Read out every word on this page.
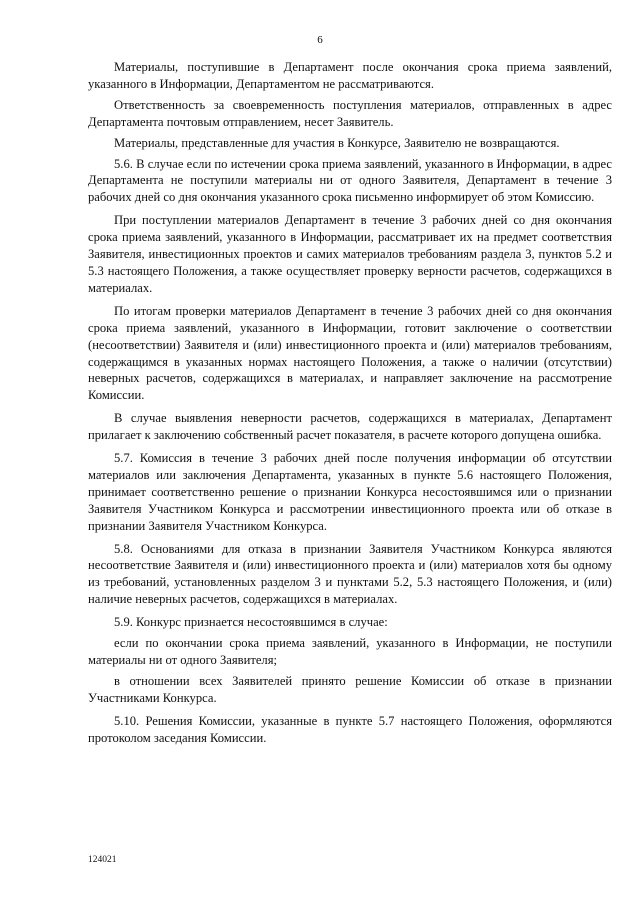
6

Материалы, поступившие в Департамент после окончания срока приема заявлений, указанного в Информации, Департаментом не рассматриваются.

Ответственность за своевременность поступления материалов, отправленных в адрес Департамента почтовым отправлением, несет Заявитель.

Материалы, представленные для участия в Конкурсе, Заявителю не возвращаются.

5.6. В случае если по истечении срока приема заявлений, указанного в Информации, в адрес Департамента не поступили материалы ни от одного Заявителя, Департамент в течение 3 рабочих дней со дня окончания указанного срока письменно информирует об этом Комиссию.

При поступлении материалов Департамент в течение 3 рабочих дней со дня окончания срока приема заявлений, указанного в Информации, рассматривает их на предмет соответствия Заявителя, инвестиционных проектов и самих материалов требованиям раздела 3, пунктов 5.2 и 5.3 настоящего Положения, а также осуществляет проверку верности расчетов, содержащихся в материалах.

По итогам проверки материалов Департамент в течение 3 рабочих дней со дня окончания срока приема заявлений, указанного в Информации, готовит заключение о соответствии (несоответствии) Заявителя и (или) инвестиционного проекта и (или) материалов требованиям, содержащимся в указанных нормах настоящего Положения, а также о наличии (отсутствии) неверных расчетов, содержащихся в материалах, и направляет заключение на рассмотрение Комиссии.

В случае выявления неверности расчетов, содержащихся в материалах, Департамент прилагает к заключению собственный расчет показателя, в расчете которого допущена ошибка.

5.7. Комиссия в течение 3 рабочих дней после получения информации об отсутствии материалов или заключения Департамента, указанных в пункте 5.6 настоящего Положения, принимает соответственно решение о признании Конкурса несостоявшимся или о признании Заявителя Участником Конкурса и рассмотрении инвестиционного проекта или об отказе в признании Заявителя Участником Конкурса.

5.8. Основаниями для отказа в признании Заявителя Участником Конкурса являются несоответствие Заявителя и (или) инвестиционного проекта и (или) материалов хотя бы одному из требований, установленных разделом 3 и пунктами 5.2, 5.3 настоящего Положения, и (или) наличие неверных расчетов, содержащихся в материалах.

5.9. Конкурс признается несостоявшимся в случае:

если по окончании срока приема заявлений, указанного в Информации, не поступили материалы ни от одного Заявителя;

в отношении всех Заявителей принято решение Комиссии об отказе в признании Участниками Конкурса.

5.10. Решения Комиссии, указанные в пункте 5.7 настоящего Положения, оформляются протоколом заседания Комиссии.

124021
